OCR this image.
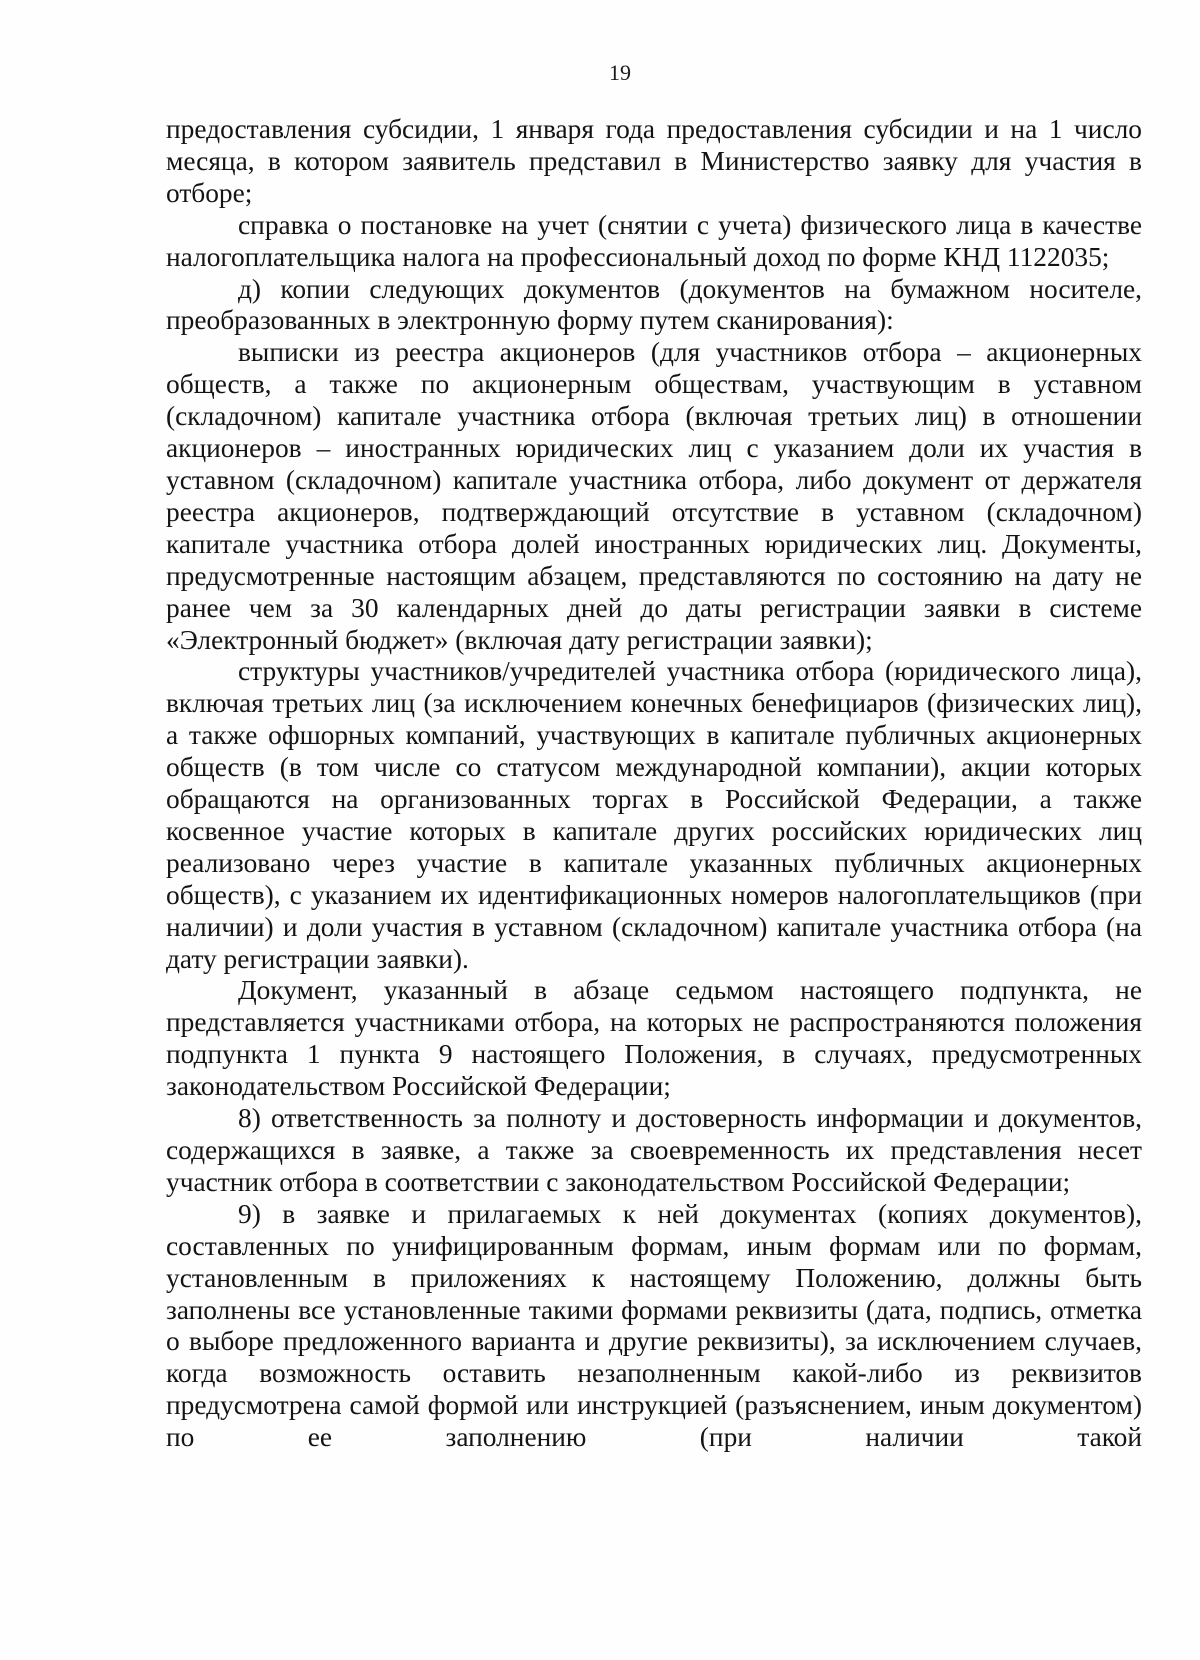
19

предоставления субсидии, 1 января года предоставления субсидии и на 1 число месяца, в котором заявитель представил в Министерство заявку для участия в отборе;

справка о постановке на учет (снятии с учета) физического лица в качестве налогоплательщика налога на профессиональный доход по форме КНД 1122035;

д) копии следующих документов (документов на бумажном носителе, преобразованных в электронную форму путем сканирования):

выписки из реестра акционеров (для участников отбора – акционерных обществ, а также по акционерным обществам, участвующим в уставном (складочном) капитале участника отбора (включая третьих лиц) в отношении акционеров – иностранных юридических лиц с указанием доли их участия в уставном (складочном) капитале участника отбора, либо документ от держателя реестра акционеров, подтверждающий отсутствие в уставном (складочном) капитале участника отбора долей иностранных юридических лиц. Документы, предусмотренные настоящим абзацем, представляются по состоянию на дату не ранее чем за 30 календарных дней до даты регистрации заявки в системе «Электронный бюджет» (включая дату регистрации заявки);

структуры участников/учредителей участника отбора (юридического лица), включая третьих лиц (за исключением конечных бенефициаров (физических лиц), а также офшорных компаний, участвующих в капитале публичных акционерных обществ (в том числе со статусом международной компании), акции которых обращаются на организованных торгах в Российской Федерации, а также косвенное участие которых в капитале других российских юридических лиц реализовано через участие в капитале указанных публичных акционерных обществ), с указанием их идентификационных номеров налогоплательщиков (при наличии) и доли участия в уставном (складочном) капитале участника отбора (на дату регистрации заявки).

Документ, указанный в абзаце седьмом настоящего подпункта, не представляется участниками отбора, на которых не распространяются положения подпункта 1 пункта 9 настоящего Положения, в случаях, предусмотренных законодательством Российской Федерации;

8) ответственность за полноту и достоверность информации и документов, содержащихся в заявке, а также за своевременность их представления несет участник отбора в соответствии с законодательством Российской Федерации;

9) в заявке и прилагаемых к ней документах (копиях документов), составленных по унифицированным формам, иным формам или по формам, установленным в приложениях к настоящему Положению, должны быть заполнены все установленные такими формами реквизиты (дата, подпись, отметка о выборе предложенного варианта и другие реквизиты), за исключением случаев, когда возможность оставить незаполненным какой-либо из реквизитов предусмотрена самой формой или инструкцией (разъяснением, иным документом) по ее заполнению (при наличии такой
